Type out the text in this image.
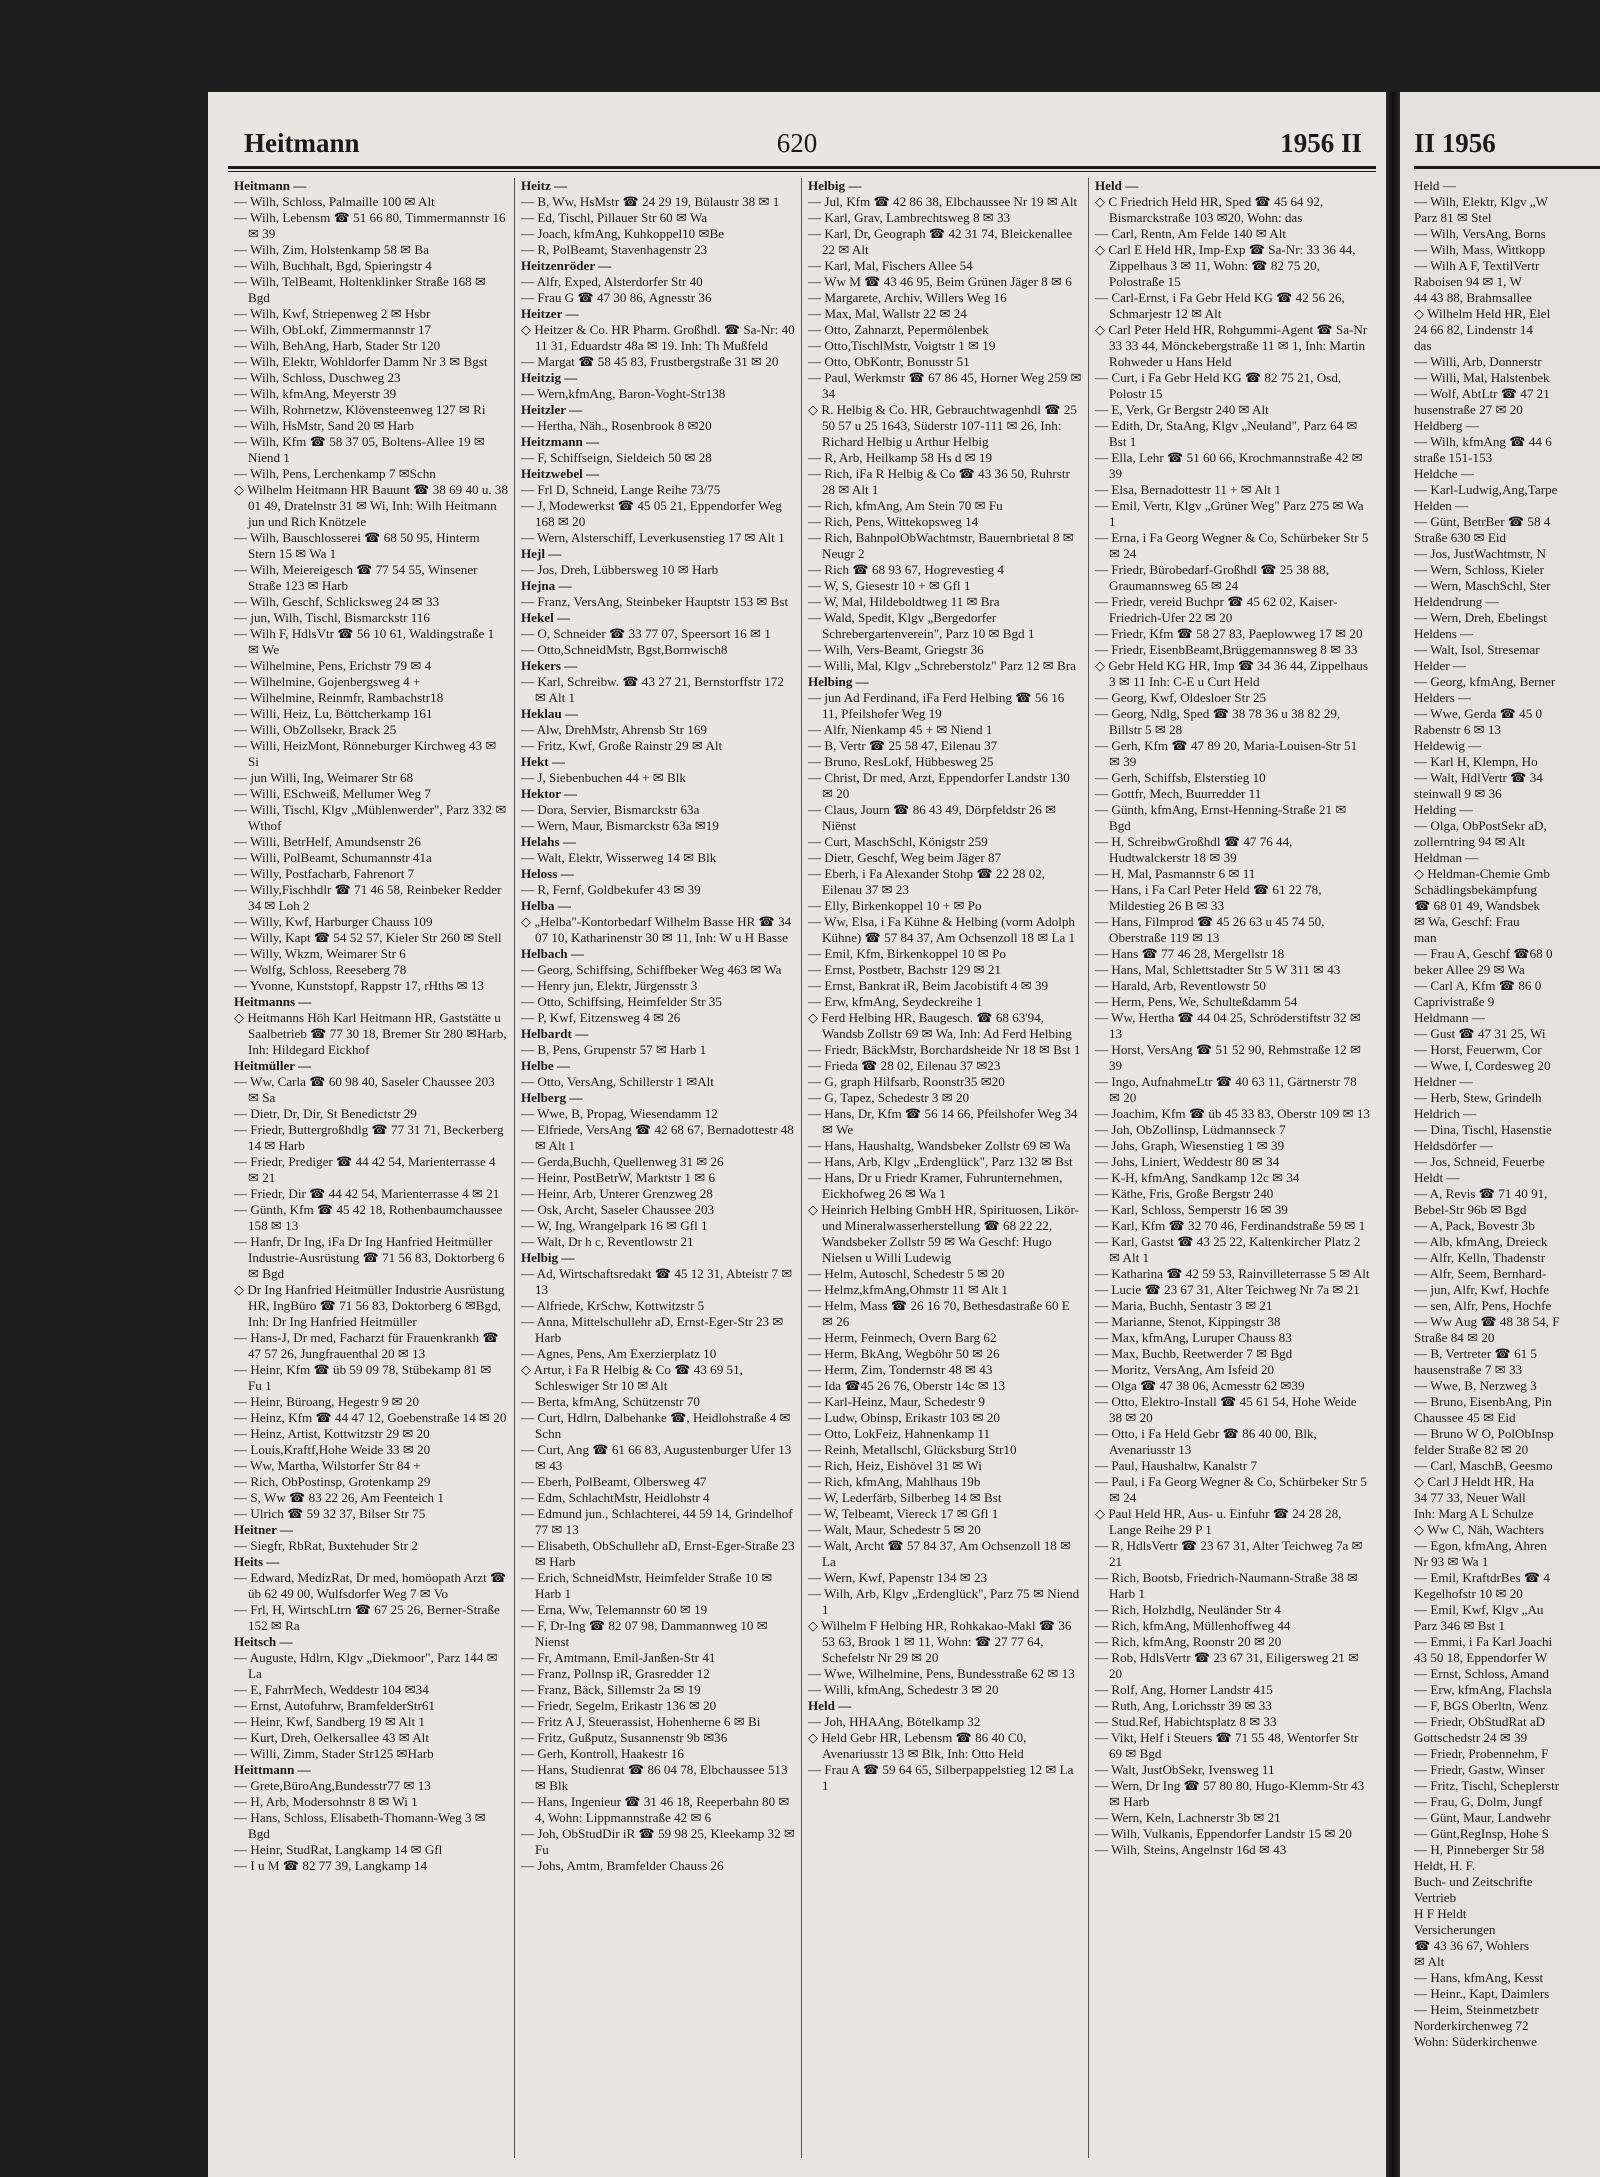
Heitmann	620	1956 II

Heitmann —

— Wilh, Schloss, Palmaille 100 ✉ Alt

— Wilh, Lebensm ☎ 51 66 80, Timmermannstr 16 ✉ 39

— Wilh, Zim, Holstenkamp 58 ✉ Ba

— Wilh, Buchhalt, Bgd, Spieringstr 4

— Wilh, TelBeamt, Holtenklinker Straße 168 ✉ Bgd

— Wilh, Kwf, Striepenweg 2 ✉ Hsbr

— Wilh, ObLokf, Zimmermannstr 17

— Wilh, BehAng, Harb, Stader Str 120

— Wilh, Elektr, Wohldorfer Damm Nr 3 ✉ Bgst

— Wilh, Schloss, Duschweg 23

— Wilh, kfmAng, Meyerstr 39

— Wilh, Rohrnetzw, Klövensteenweg 127 ✉ Ri

— Wilh, HsMstr, Sand 20 ✉ Harb

— Wilh, Kfm ☎ 58 37 05, Boltens-Allee 19 ✉ Niend 1

— Wilh, Pens, Lerchenkamp 7 ✉Schn

◇ Wilhelm Heitmann HR Bauunt ☎ 38 69 40 u. 38 01 49, Dratelnstr 31 ✉ Wi, Inh: Wilh Heitmann jun und Rich Knötzele

— Wilh, Bauschlosserei ☎ 68 50 95, Hinterm Stern 15 ✉ Wa 1

— Wilh, Meiereigesch ☎ 77 54 55, Winsener Straße 123 ✉ Harb

— Wilh, Geschf, Schlicksweg 24 ✉ 33

— jun, Wilh, Tischl, Bismarckstr 116

— Wilh F, HdlsVtr ☎ 56 10 61, Waldingstraße 1 ✉ We

— Wilhelmine, Pens, Erichstr 79 ✉ 4

— Wilhelmine, Gojenbergsweg 4 +

— Wilhelmine, Reinmfr, Rambachstr18

— Willi, Heiz, Lu, Böttcherkamp 161

— Willi, ObZollsekr, Brack 25

— Willi, HeizMont, Rönneburger Kirchweg 43 ✉ Si

— jun Willi, Ing, Weimarer Str 68

— Willi, ESchweiß, Mellumer Weg 7

— Willi, Tischl, Klgv „Mühlenwerder", Parz 332 ✉ Wthof

— Willi, BetrHelf, Amundsenstr 26

— Willi, PolBeamt, Schumannstr 41a

— Willy, Postfacharb, Fahrenort 7

— Willy,Fischhdlr ☎ 71 46 58, Reinbeker Redder 34 ✉ Loh 2

— Willy, Kwf, Harburger Chauss 109

— Willy, Kapt ☎ 54 52 57, Kieler Str 260 ✉ Stell

— Willy, Wkzm, Weimarer Str 6

— Wolfg, Schloss, Reeseberg 78

— Yvonne, Kunststopf, Rappstr 17, rHths ✉ 13

Heitmanns —

◇ Heitmanns Höh Karl Heitmann HR, Gaststätte u Saalbetrieb ☎ 77 30 18, Bremer Str 280 ✉Harb, Inh: Hildegard Eickhof

Heitmüller —

— Ww, Carla ☎ 60 98 40, Saseler Chaussee 203 ✉ Sa

— Dietr, Dr, Dir, St Benedictstr 29

— Friedr, Buttergroßhdlg ☎ 77 31 71, Beckerberg 14 ✉ Harb

— Friedr, Prediger ☎ 44 42 54, Marienterrasse 4 ✉ 21

— Friedr, Dir ☎ 44 42 54, Marienterrasse 4 ✉ 21

— Günth, Kfm ☎ 45 42 18, Rothenbaumchaussee 158 ✉ 13

— Hanfr, Dr Ing, iFa Dr Ing Hanfried Heitmüller Industrie-Ausrüstung ☎ 71 56 83, Doktorberg 6 ✉ Bgd

◇ Dr Ing Hanfried Heitmüller Industrie Ausrüstung HR, IngBüro ☎ 71 56 83, Doktorberg 6 ✉Bgd, Inh: Dr Ing Hanfried Heitmüller

— Hans-J, Dr med, Facharzt für Frauenkrankh ☎ 47 57 26, Jungfrauenthal 20 ✉ 13

— Heinr, Kfm ☎ üb 59 09 78, Stübekamp 81 ✉ Fu 1

— Heinr, Büroang, Hegestr 9 ✉ 20

— Heinz, Kfm ☎ 44 47 12, Goebenstraße 14 ✉ 20

— Heinz, Artist, Kottwitzstr 29 ✉ 20

— Louis,Kraftf,Hohe Weide 33 ✉ 20

— Ww, Martha, Wilstorfer Str 84 +

— Rich, ObPostinsp, Grotenkamp 29

— S, Ww ☎ 83 22 26, Am Feenteich 1

— Ulrich ☎ 59 32 37, Bilser Str 75

Heitner —

— Siegfr, RbRat, Buxtehuder Str 2

Heits —

— Edward, MedizRat, Dr med, homöopath Arzt ☎ üb 62 49 00, Wulfsdorfer Weg 7 ✉ Vo

— Frl, H, WirtschLtrn ☎ 67 25 26, Berner-Straße 152 ✉ Ra

Heitsch —

— Auguste, Hdlrn, Klgv „Diekmoor", Parz 144 ✉ La

— E, FahrrMech, Weddestr 104 ✉34

— Ernst, Autofuhrw, BramfelderStr61

— Heinr, Kwf, Sandberg 19 ✉ Alt 1

— Kurt, Dreh, Oelkersallee 43 ✉ Alt

— Willi, Zimm, Stader Str125 ✉Harb

Heittmann —

— Grete,BüroAng,Bundesstr77 ✉ 13

— H, Arb, Modersohnstr 8 ✉ Wi 1

— Hans, Schloss, Elisabeth-Thomann-Weg 3 ✉ Bgd

— Heinr, StudRat, Langkamp 14 ✉ Gfl

— I u M ☎ 82 77 39, Langkamp 14

Heitz —

— B, Ww, HsMstr ☎ 24 29 19, Bülaustr 38 ✉ 1

— Ed, Tischl, Pillauer Str 60 ✉ Wa

— Joach, kfmAng, Kuhkoppel10 ✉Be

— R, PolBeamt, Stavenhagenstr 23

Heitzenröder —

— Alfr, Exped, Alsterdorfer Str 40

— Frau G ☎ 47 30 86, Agnesstr 36

Heitzer —

◇ Heitzer & Co. HR Pharm. Großhdl. ☎ Sa-Nr: 40 11 31, Eduardstr 48a ✉ 19. Inh: Th Mußfeld

— Margat ☎ 58 45 83, Frustbergstraße 31 ✉ 20

Heitzig —

— Wern,kfmAng, Baron-Voght-Str138

Heitzler —

— Hertha, Näh., Rosenbrook 8 ✉20

Heitzmann —

— F, Schiffseign, Sieldeich 50 ✉ 28

Heitzwebel —

— Frl D, Schneid, Lange Reihe 73/75

— J, Modewerkst ☎ 45 05 21, Eppendorfer Weg 168 ✉ 20

— Wern, Alsterschiff, Leverkusenstieg 17 ✉ Alt 1

Hejl —

— Jos, Dreh, Lübbersweg 10 ✉ Harb

Hejna —

— Franz, VersAng, Steinbeker Hauptstr 153 ✉ Bst

Hekel —

— O, Schneider ☎ 33 77 07, Speersort 16 ✉ 1

— Otto,SchneidMstr, Bgst,Bornwisch8

Hekers —

— Karl, Schreibw. ☎ 43 27 21, Bernstorffstr 172 ✉ Alt 1

Heklau —

— Alw, DrehMstr, Ahrensb Str 169

— Fritz, Kwf, Große Rainstr 29 ✉ Alt

Hekt —

— J, Siebenbuchen 44 + ✉ Blk

Hektor —

— Dora, Servier, Bismarckstr 63a

— Wern, Maur, Bismarckstr 63a ✉19

Helahs —

— Walt, Elektr, Wisserweg 14 ✉ Blk

Heloss —

— R, Fernf, Goldbekufer 43 ✉ 39

Helba —

◇ „Helba"-Kontorbedarf Wilhelm Basse HR ☎ 34 07 10, Katharinenstr 30 ✉ 11, Inh: W u H Basse

Helbach —

— Georg, Schiffsing, Schiffbeker Weg 463 ✉ Wa

— Henry jun, Elektr, Jürgensstr 3

— Otto, Schiffsing, Heimfelder Str 35

— P, Kwf, Eitzensweg 4 ✉ 26

Helbardt —

— B, Pens, Grupenstr 57 ✉ Harb 1

Helbe —

— Otto, VersAng, Schillerstr 1 ✉Alt

Helberg —

— Wwe, B, Propag, Wiesendamm 12

— Elfriede, VersAng ☎ 42 68 67, Bernadottestr 48 ✉ Alt 1

— Gerda,Buchh, Quellenweg 31 ✉ 26

— Heinr, PostBetrW, Marktstr 1 ✉ 6

— Heinr, Arb, Unterer Grenzweg 28

— Osk, Archt, Saseler Chaussee 203

— W, Ing, Wrangelpark 16 ✉ Gfl 1

— Walt, Dr h c, Reventlowstr 21

Helbig —

— Ad, Wirtschaftsredakt ☎ 45 12 31, Abteistr 7 ✉ 13

— Alfriede, KrSchw, Kottwitzstr 5

— Anna, Mittelschullehr aD, Ernst-Eger-Str 23 ✉ Harb

— Agnes, Pens, Am Exerzierplatz 10

◇ Artur, i Fa R Helbig & Co ☎ 43 69 51, Schleswiger Str 10 ✉ Alt

— Berta, kfmAng, Schützenstr 70

— Curt, Hdlrn, Dalbehanke ☎, Heidlohstraße 4 ✉ Schn

— Curt, Ang ☎ 61 66 83, Augustenburger Ufer 13 ✉ 43

— Eberh, PolBeamt, Olbersweg 47

— Edm, SchlachtMstr, Heidlohstr 4

— Edmund jun., Schlachterei, 44 59 14, Grindelhof 77 ✉ 13

— Elisabeth, ObSchullehr aD, Ernst-Eger-Straße 23 ✉ Harb

— Erich, SchneidMstr, Heimfelder Straße 10 ✉ Harb 1

— Erna, Ww, Telemannstr 60 ✉ 19

— F, Dr-Ing ☎ 82 07 98, Dammannweg 10 ✉ Nienst

— Fr, Amtmann, Emil-Janßen-Str 41

— Franz, Pollnsp iR, Grasredder 12

— Franz, Bäck, Sillemstr 2a ✉ 19

— Friedr, Segelm, Erikastr 136 ✉ 20

— Fritz A J, Steuerassist, Hohenherne 6 ✉ Bi

— Fritz, Gußputz, Susannenstr 9b ✉36

— Gerh, Kontroll, Haakestr 16

— Hans, Studienrat ☎ 86 04 78, Elbchaussee 513 ✉ Blk

— Hans, Ingenieur ☎ 31 46 18, Reeperbahn 80 ✉ 4, Wohn: Lippmannstraße 42 ✉ 6

— Joh, ObStudDir iR ☎ 59 98 25, Kleekamp 32 ✉ Fu

— Johs, Amtm, Bramfelder Chauss 26

Helbig —

— Jul, Kfm ☎ 42 86 38, Elbchaussee Nr 19 ✉ Alt

— Karl, Grav, Lambrechtsweg 8 ✉ 33

— Karl, Dr, Geograph ☎ 42 31 74, Bleickenallee 22 ✉ Alt

— Karl, Mal, Fischers Allee 54

— Ww M ☎ 43 46 95, Beim Grünen Jäger 8 ✉ 6

— Margarete, Archiv, Willers Weg 16

— Max, Mal, Wallstr 22 ✉ 24

— Otto, Zahnarzt, Pepermölenbek

— Otto,TischlMstr, Voigtstr 1 ✉ 19

— Otto, ObKontr, Bonusstr 51

— Paul, Werkmstr ☎ 67 86 45, Horner Weg 259 ✉ 34

◇ R. Helbig & Co. HR, Gebrauchtwagenhdl ☎ 25 50 57 u 25 1643, Süderstr 107-111 ✉ 26, Inh: Richard Helbig u Arthur Helbig

— R, Arb, Heilkamp 58 Hs d ✉ 19

— Rich, iFa R Helbig & Co ☎ 43 36 50, Ruhrstr 28 ✉ Alt 1

— Rich, kfmAng, Am Stein 70 ✉ Fu

— Rich, Pens, Wittekopsweg 14

— Rich, BahnpolObWachtmstr, Bauernbrietal 8 ✉ Neugr 2

— Rich ☎ 68 93 67, Hogrevestieg 4

— W, S, Giesestr 10 + ✉ Gfl 1

— W, Mal, Hildeboldtweg 11 ✉ Bra

— Wald, Spedit, Klgv „Bergedorfer Schrebergartenverein", Parz 10 ✉ Bgd 1

— Wilh, Vers-Beamt, Griegstr 36

— Willi, Mal, Klgv „Schreberstolz" Parz 12 ✉ Bra

Helbing —

— jun Ad Ferdinand, iFa Ferd Helbing ☎ 56 16 11, Pfeilshofer Weg 19

— Alfr, Nienkamp 45 + ✉ Niend 1

— B, Vertr ☎ 25 58 47, Eilenau 37

— Bruno, ResLokf, Hübbesweg 25

— Christ, Dr med, Arzt, Eppendorfer Landstr 130 ✉ 20

— Claus, Journ ☎ 86 43 49, Dörpfeldstr 26 ✉ Niënst

— Curt, MaschSchl, Königstr 259

— Dietr, Geschf, Weg beim Jäger 87

— Eberh, i Fa Alexander Stohp ☎ 22 28 02, Eilenau 37 ✉ 23

— Elly, Birkenkoppel 10 + ✉ Po

— Ww, Elsa, i Fa Kühne & Helbing (vorm Adolph Kühne) ☎ 57 84 37, Am Ochsenzoll 18 ✉ La 1

— Emil, Kfm, Birkenkoppel 10 ✉ Po

— Ernst, Postbetr, Bachstr 129 ✉ 21

— Ernst, Bankrat iR, Beim Jacobistift 4 ✉ 39

— Erw, kfmAng, Seydeckreihe 1

◇ Ferd Helbing HR, Baugesch. ☎ 68 63'94, Wandsb Zollstr 69 ✉ Wa, Inh: Ad Ferd Helbing

— Friedr, BäckMstr, Borchardsheide Nr 18 ✉ Bst 1

— Frieda ☎ 28 02, Eilenau 37 ✉23

— G, graph Hilfsarb, Roonstr35 ✉20

— G, Tapez, Schedestr 3 ✉ 20

— Hans, Dr, Kfm ☎ 56 14 66, Pfeilshofer Weg 34 ✉ We

— Hans, Haushaltg, Wandsbeker Zollstr 69 ✉ Wa

— Hans, Arb, Klgv „Erdenglück", Parz 132 ✉ Bst

— Hans, Dr u Friedr Kramer, Fuhrunternehmen, Eickhofweg 26 ✉ Wa 1

◇ Heinrich Helbing GmbH HR, Spirituosen, Likör- und Mineralwasserherstellung ☎ 68 22 22, Wandsbeker Zollstr 59 ✉ Wa Geschf: Hugo Nielsen u Willi Ludewig

— Helm, Autoschl, Schedestr 5 ✉ 20

— Helmz,kfmAng,Ohmstr 11 ✉ Alt 1

— Helm, Mass ☎ 26 16 70, Bethesdastraße 60 E ✉ 26

— Herm, Feinmech, Overn Barg 62

— Herm, BkAng, Wegböhr 50 ✉ 26

— Herm, Zim, Tondernstr 48 ✉ 43

— Ida ☎45 26 76, Oberstr 14c ✉ 13

— Karl-Heinz, Maur, Schedestr 9

— Ludw, Obinsp, Erikastr 103 ✉ 20

— Otto, LokFeiz, Hahnenkamp 11

— Reinh, Metallschl, Glücksburg Str10

— Rich, Heiz, Eishövel 31 ✉ Wi

— Rich, kfmAng, Mahlhaus 19b

— W, Lederfärb, Silberbeg 14 ✉ Bst

— W, Telbeamt, Viereck 17 ✉ Gfl 1

— Walt, Maur, Schedestr 5 ✉ 20

— Walt, Archt ☎ 57 84 37, Am Ochsenzoll 18 ✉ La

— Wern, Kwf, Papenstr 134 ✉ 23

— Wilh, Arb, Klgv „Erdenglück", Parz 75 ✉ Niend 1

◇ Wilhelm F Helbing HR, Rohkakao-Makl ☎ 36 53 63, Brook 1 ✉ 11, Wohn: ☎ 27 77 64, Schefelstr Nr 29 ✉ 20

— Wwe, Wilhelmine, Pens, Bundesstraße 62 ✉ 13

— Willi, kfmAng, Schedestr 3 ✉ 20

Held —

— Joh, HHAAng, Bötelkamp 32

◇ Held Gebr HR, Lebensm ☎ 86 40 C0, Avenariusstr 13 ✉ Blk, Inh: Otto Held

— Frau A ☎ 59 64 65, Silberpappelstieg 12 ✉ La 1

Held —

◇ C Friedrich Held HR, Sped ☎ 45 64 92, Bismarckstraße 103 ✉20, Wohn: das

— Carl, Rentn, Am Felde 140 ✉ Alt

◇ Carl E Held HR, Imp-Exp ☎ Sa-Nr: 33 36 44, Zippelhaus 3 ✉ 11, Wohn: ☎ 82 75 20, Polostraße 15

— Carl-Ernst, i Fa Gebr Held KG ☎ 42 56 26, Schmarjestr 12 ✉ Alt

◇ Carl Peter Held HR, Rohgummi-Agent ☎ Sa-Nr 33 33 44, Mönckebergstraße 11 ✉ 1, Inh: Martin Rohweder u Hans Held

— Curt, i Fa Gebr Held KG ☎ 82 75 21, Osd, Polostr 15

— E, Verk, Gr Bergstr 240 ✉ Alt

— Edith, Dr, StaAng, Klgv „Neuland", Parz 64 ✉ Bst 1

— Ella, Lehr ☎ 51 60 66, Krochmannstraße 42 ✉ 39

— Elsa, Bernadottestr 11 + ✉ Alt 1

— Emil, Vertr, Klgv „Grüner Weg" Parz 275 ✉ Wa 1

— Erna, i Fa Georg Wegner & Co, Schürbeker Str 5 ✉ 24

— Friedr, Bürobedarf-Großhdl ☎ 25 38 88, Graumannsweg 65 ✉ 24

— Friedr, vereid Buchpr ☎ 45 62 02, Kaiser-Friedrich-Ufer 22 ✉ 20

— Friedr, Kfm ☎ 58 27 83, Paeplowweg 17 ✉ 20

— Friedr, EisenbBeamt,Brüggemannsweg 8 ✉ 33

◇ Gebr Held KG HR, Imp ☎ 34 36 44, Zippelhaus 3 ✉ 11 Inh: C-E u Curt Held

— Georg, Kwf, Oldesloer Str 25

— Georg, Ndlg, Sped ☎ 38 78 36 u 38 82 29, Billstr 5 ✉ 28

— Gerh, Kfm ☎ 47 89 20, Maria-Louisen-Str 51 ✉ 39

— Gerh, Schiffsb, Elsterstieg 10

— Gottfr, Mech, Buurredder 11

— Günth, kfmAng, Ernst-Henning-Straße 21 ✉ Bgd

— H, SchreibwGroßhdl ☎ 47 76 44, Hudtwalckerstr 18 ✉ 39

— H, Mal, Pasmannstr 6 ✉ 11

— Hans, i Fa Carl Peter Held ☎ 61 22 78, Mildestieg 26 B ✉ 33

— Hans, Filmprod ☎ 45 26 63 u 45 74 50, Oberstraße 119 ✉ 13

— Hans ☎ 77 46 28, Mergellstr 18

— Hans, Mal, Schlettstadter Str 5 W 311 ✉ 43

— Harald, Arb, Reventlowstr 50

— Herm, Pens, We, Schulteßdamm 54

— Ww, Hertha ☎ 44 04 25, Schröderstiftstr 32 ✉ 13

— Horst, VersAng ☎ 51 52 90, Rehmstraße 12 ✉ 39

— Ingo, AufnahmeLtr ☎ 40 63 11, Gärtnerstr 78 ✉ 20

— Joachim, Kfm ☎ üb 45 33 83, Oberstr 109 ✉ 13

— Joh, ObZollinsp, Lüdmannseck 7

— Johs, Graph, Wiesenstieg 1 ✉ 39

— Johs, Liniert, Weddestr 80 ✉ 34

— K-H, kfmAng, Sandkamp 12c ✉ 34

— Käthe, Fris, Große Bergstr 240

— Karl, Schloss, Semperstr 16 ✉ 39

— Karl, Kfm ☎ 32 70 46, Ferdinandstraße 59 ✉ 1

— Karl, Gastst ☎ 43 25 22, Kaltenkircher Platz 2 ✉ Alt 1

— Katharina ☎ 42 59 53, Rainvilleterrasse 5 ✉ Alt

— Lucie ☎ 23 67 31, Alter Teichweg Nr 7a ✉ 21

— Maria, Buchh, Sentastr 3 ✉ 21

— Marianne, Stenot, Kippingstr 38

— Max, kfmAng, Luruper Chauss 83

— Max, Buchb, Reetwerder 7 ✉ Bgd

— Moritz, VersAng, Am Isfeid 20

— Olga ☎ 47 38 06, Acmesstr 62 ✉39

— Otto, Elektro-Install ☎ 45 61 54, Hohe Weide 38 ✉ 20

— Otto, i Fa Held Gebr ☎ 86 40 00, Blk, Avenariusstr 13

— Paul, Haushaltw, Kanalstr 7

— Paul, i Fa Georg Wegner & Co, Schürbeker Str 5 ✉ 24

◇ Paul Held HR, Aus- u. Einfuhr ☎ 24 28 28, Lange Reihe 29 P 1

— R, HdlsVertr ☎ 23 67 31, Alter Teichweg 7a ✉ 21

— Rich, Bootsb, Friedrich-Naumann-Straße 38 ✉ Harb 1

— Rich, Holzhdlg, Neuländer Str 4

— Rich, kfmAng, Müllenhoffweg 44

— Rich, kfmAng, Roonstr 20 ✉ 20

— Rob, HdlsVertr ☎ 23 67 31, Eiligersweg 21 ✉ 20

— Rolf, Ang, Horner Landstr 415

— Ruth, Ang, Lorichsstr 39 ✉ 33

— Stud.Ref, Habichtsplatz 8 ✉ 33

— Vikt, Helf i Steuers ☎ 71 55 48, Wentorfer Str 69 ✉ Bgd

— Walt, JustObSekr, Ivensweg 11

— Wern, Dr Ing ☎ 57 80 80, Hugo-Klemm-Str 43 ✉ Harb

— Wern, Keln, Lachnerstr 3b ✉ 21

— Wilh, Vulkanis, Eppendorfer Landstr 15 ✉ 20

— Wilh, Steins, Angelnstr 16d ✉ 43

II 1956
Held —
— Wilh, Elektr, Klgv „W
Parz 81 ✉ Stel
— Wilh, VersAng, Borns
— Wilh, Mass, Wittkopp
— Wilh A F, TextilVertr
Raboisen 94 ✉ 1, W
44 43 88, Brahmsallee
◇ Wilhelm Held HR, Elel
24 66 82, Lindenstr 14
das
— Willi, Arb, Donnerstr
— Willi, Mal, Halstenbek
— Wolf, AbtLtr ☎ 47 21
husenstraße 27 ✉ 20
Heldberg —
— Wilh, kfmAng ☎ 44 6
straße 151-153
Heldche —
— Karl-Ludwig,Ang,Tarpe
Helden —
— Günt, BetrBer ☎ 58 4
Straße 630 ✉ Eid
— Jos, JustWachtmstr, N
— Wern, Schloss, Kieler
— Wern, MaschSchl, Ster
Heldendrung —
— Wern, Dreh, Ebelingst
Heldens —
— Walt, Isol, Stresemar
Helder —
— Georg, kfmAng, Berner
Helders —
— Wwe, Gerda ☎ 45 0
Rabenstr 6 ✉ 13
Heldewig —
— Karl H, Klempn, Ho
— Walt, HdlVertr ☎ 34
steinwall 9 ✉ 36
Helding —
— Olga, ObPostSekr aD,
zollerntring 94 ✉ Alt
Heldman —
◇ Heldman-Chemie Gmb
Schädlingsbekämpfung
☎ 68 01 49, Wandsbek
✉ Wa, Geschf: Frau
man
— Frau A, Geschf ☎68 0
beker Allee 29 ✉ Wa
— Carl A, Kfm ☎ 86 0
Caprivistraße 9
Heldmann —
— Gust ☎ 47 31 25, Wi
— Horst, Feuerwm, Cor
— Wwe, I, Cordesweg 20
Heldner —
— Herb, Stew, Grindelh
Heldrich —
— Dina, Tischl, Hasenstie
Heldsdörfer —
— Jos, Schneid, Feuerbe
Heldt —
— A, Revis ☎ 71 40 91,
Bebel-Str 96b ✉ Bgd
— A, Pack, Bovestr 3b
— Alb, kfmAng, Dreieck
— Alfr, Kelln, Thadenstr
— Alfr, Seem, Bernhard-
— jun, Alfr, Kwf, Hochfe
— sen, Alfr, Pens, Hochfe
— Ww Aug ☎ 48 38 54, F
Straße 84 ✉ 20
— B, Vertreter ☎ 61 5
hausenstraße 7 ✉ 33
— Wwe, B, Nerzweg 3
— Bruno, EisenbAng, Pin
Chaussee 45 ✉ Eid
— Bruno W O, PolObInsp
felder Straße 82 ✉ 20
— Carl, MaschB, Geesmo
◇ Carl J Heldt HR, Ha
34 77 33, Neuer Wall
Inh: Marg A L Schulze
◇ Ww C, Näh, Wachters
— Egon, kfmAng, Ahren
Nr 93 ✉ Wa 1
— Emil, KraftdrBes ☎ 4
Kegelhofstr 10 ✉ 20
— Emil, Kwf, Klgv „Au
Parz 346 ✉ Bst 1
— Emmi, i Fa Karl Joachi
43 50 18, Eppendorfer W
— Ernst, Schloss, Amand
— Erw, kfmAng, Flachsla
— F, BGS Oberltn, Wenz
— Friedr, ObStudRat aD
Gottschedstr 24 ✉ 39
— Friedr, Probennehm, F
— Friedr, Gastw, Winser
— Fritz, Tischl, Scheplerstr
— Frau, G, Dolm, Jungf
— Günt, Maur, Landwehr
— Günt,RegInsp, Hohe S
— H, Pinneberger Str 58
Heldt, H. F.
Buch- und Zeitschrifte
Vertrieb
H F Heldt
Versicherungen
☎ 43 36 67, Wohlers
✉ Alt
— Hans, kfmAng, Kesst
— Heinr., Kapt, Daimlers
— Heim, Steinmetzbetr
Norderkirchenweg 72
Wohn: Süderkirchenwe
